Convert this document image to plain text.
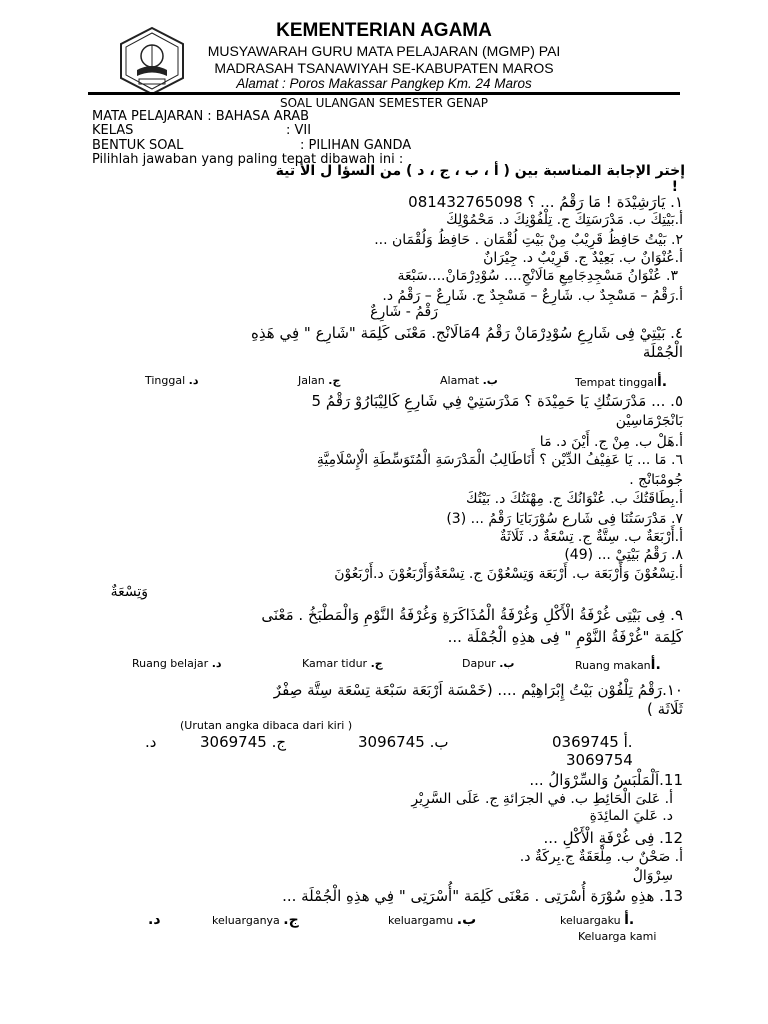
KEMENTERIAN AGAMA
MUSYAWARAH GURU MATA PELAJARAN (MGMP) PAI
MADRASAH TSANAWIYAH SE-KABUPATEN MAROS
Alamat : Poros Makassar Pangkep Km. 24 Maros
SOAL ULANGAN SEMESTER GENAP
MATA PELAJARAN : BAHASA ARAB
KELAS	: VII
BENTUK SOAL	: PILIHAN GANDA
Pilihlah jawaban yang paling tepat dibawah ini :
إختر الإجابة المناسبة بين ( أ ، ب ، ج ، د ) من السؤا ل الأ تية
!
١. يَارَشِيْدَة ! مَا رَقْمُ ... ؟ 081432765098
أ.بَيْتِكَ ب. مَدْرَسَتِكَ ج. تِلْفُوْنِكَ د. مَحْمُوْلِكَ
٢. بَيْتُ حَافِظُ قَرِيْبٌ مِنْ بَيْتِ لُقْمَان . حَافِظُ وَلُقْمَان ...
أ.عُنْوَانٌ ب. بَعِيْدٌ ج. قَرِيْبٌ د. جِيْرَانٌ
٣. عُنْوَانُ مَسْجِدِجَامِعِ مَالَانْجِ.... سُوْدِرْمَانْ....سَبْعَة
أ.رَقْمُ – مَسْجِدٌ ب. شَارِعٌ – مَسْجِدٌ ج. شَارِعٌ – رَقْمُ د.
رَقْمُ - شَارِعٌ
٤. بَيْتِيْ فِى شَارِعِ سُوْدِرْمَانْ رَقْمُ 4مَالَانْج. مَعْنَى كَلِمَة "شَارِع " فِي هَذِهِ
الْجُمْلَة
Tinggal .د	Jalan .ج	Alamat .ب	Tempat tinggalأ.
٥. ... مَدْرَسَتُكِ يَا حَمِيْدَة ؟ مَدْرَسَتِيْ فِي شَارِعِ كَالِيْبَارُوْ رَقْمُ 5
بَانْجَرْمَاسِيْن
أ.هَلْ ب. مِنْ ج. أَيْنَ د. مَا
٦. مَا ... يَا عَفِيْفُ الدِّيْن ؟ أَنَاطَالِبُ الْمَدْرَسَةِ الْمُتَوَسِّطَةِ الْإِسْلَامِيَّةِ
جُومْبَانْج .
أ.بِطَاقَتُكَ ب. عُنْوَانُكَ ج. مِهْنَتُكَ د. بَيْتُكَ
٧. مَدْرَسَتُنَا فِى شَارع سُوْرَبَايَا رَقْمُ ... (3)
أ.أَرْبَعَةٌ ب. سِتَّةٌ ج. تِسْعَةٌ د. ثَلَاثَةٌ
٨. رَقْمُ بَيْتِيْ ... (49)
أ.تِسْعُوْنَ وَأَرْبَعَة ب. أَرْبَعَة وَتِسْعُوْنَ ج. تِسْعَةٌوَأَرْبَعُوْنَ د.أَرْبَعُوْنَ
وَتِسْعَةٌ
٩. فِى بَيْتِى غُرْفَةُ الْأَكْلِ وَغُرْفَةُ الْمُذَاكَرَةِ وَغُرْفَةُ النَّوْمِ وَالْمَطْبَخُ . مَعْنَى
كَلِمَة "غُرْفَةُ النَّوْمِ " فِى هذِهِ الْجُمْلَة ...
Ruang belajar .د	Kamar tidur .ج	Dapur .ب	Ruang makanأ.
١٠.رَقْمُ تِلْفُوْن بَيْتُ إِبْرَاهِيْم .... (خَمْسَة اَرْبَعَة سَبْعَة تِسْعَة سِتَّة صِفْرٌ
ثَلَاثَة )
(Urutan angka dibaca dari kiri )
.د	3069745 .ج	3096745 .ب	0369745 أ.
3069754
11.اَلْمَلْبَسُ وَالسِّرْوَالُ ...
أ. عَلىَ الْحَائِطِ ب. في الجرَائةِ ج. عَلَى السَّرِيْرِ
د. عَليَ المائِدَةِ
12. فِى غُرْفَةِ الْأَكْلِ ...
أ. صَحْنٌ ب. مِلْعَقَةٌ ج.بِركَةٌ د.
سِرْوَالٌ
13. هذِهِ سُوْرَة أُسْرَتِى . مَعْنَى كَلِمَة "أُسْرَتِى " فِي هذِهِ الْجُمْلَة ...
.د	keluarganya .ج	keluargamu .ب	keluargaku أ.
Keluarga kami
